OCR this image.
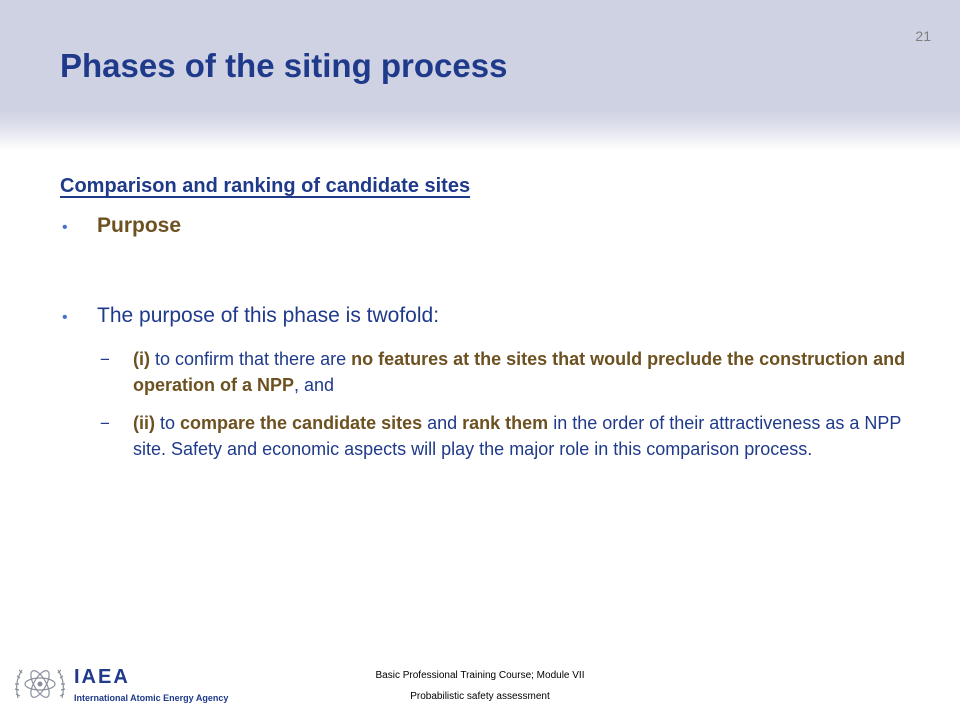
21
Phases of the siting process
Comparison and ranking of candidate sites
• Purpose
• The purpose of this phase is twofold:
− (i) to confirm that there are no features at the sites that would preclude the construction and operation of a NPP, and
− (ii) to compare the candidate sites and rank them in the order of their attractiveness as a NPP site. Safety and economic aspects will play the major role in this comparison process.
IAEA
International Atomic Energy Agency
Basic Professional Training Course; Module VII
Probabilistic safety assessment
